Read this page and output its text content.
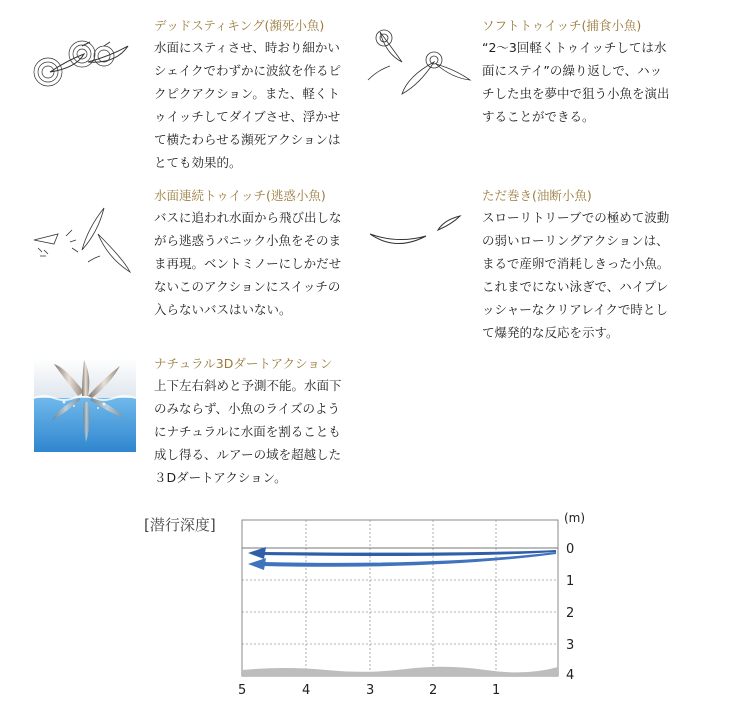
デッドスティキング(瀕死小魚)
水面にスティさせ、時おり細かい
シェイクでわずかに波紋を作るピ
クピクアクション。また、軽くト
ゥイッチしてダイブさせ、浮かせ
て横たわらせる瀕死アクションは
とても効果的。
ソフトトゥイッチ(捕食小魚)
“2～3回軽くトゥイッチしては水
面にステイ”の繰り返しで、ハッ
チした虫を夢中で狙う小魚を演出
することができる。
水面連続トゥイッチ(逃惑小魚)
バスに追われ水面から飛び出しな
がら逃惑うパニック小魚をそのま
ま再現。ベントミノーにしかだせ
ないこのアクションにスイッチの
入らないバスはいない。
ただ巻き(油断小魚)
スローリトリーブでの極めて波動
の弱いローリングアクションは、
まるで産卵で消耗しきった小魚。
これまでにない泳ぎで、ハイプレ
ッシャーなクリアレイクで時とし
て爆発的な反応を示す。
ナチュラル3Dダートアクション
上下左右斜めと予測不能。水面下
のみならず、小魚のライズのよう
にナチュラルに水面を割ることも
成し得る、ルアーの域を超越した
３Dダートアクション。
[潜行深度]	(m)
0
1
2
3
4
5	4	3	2	1
